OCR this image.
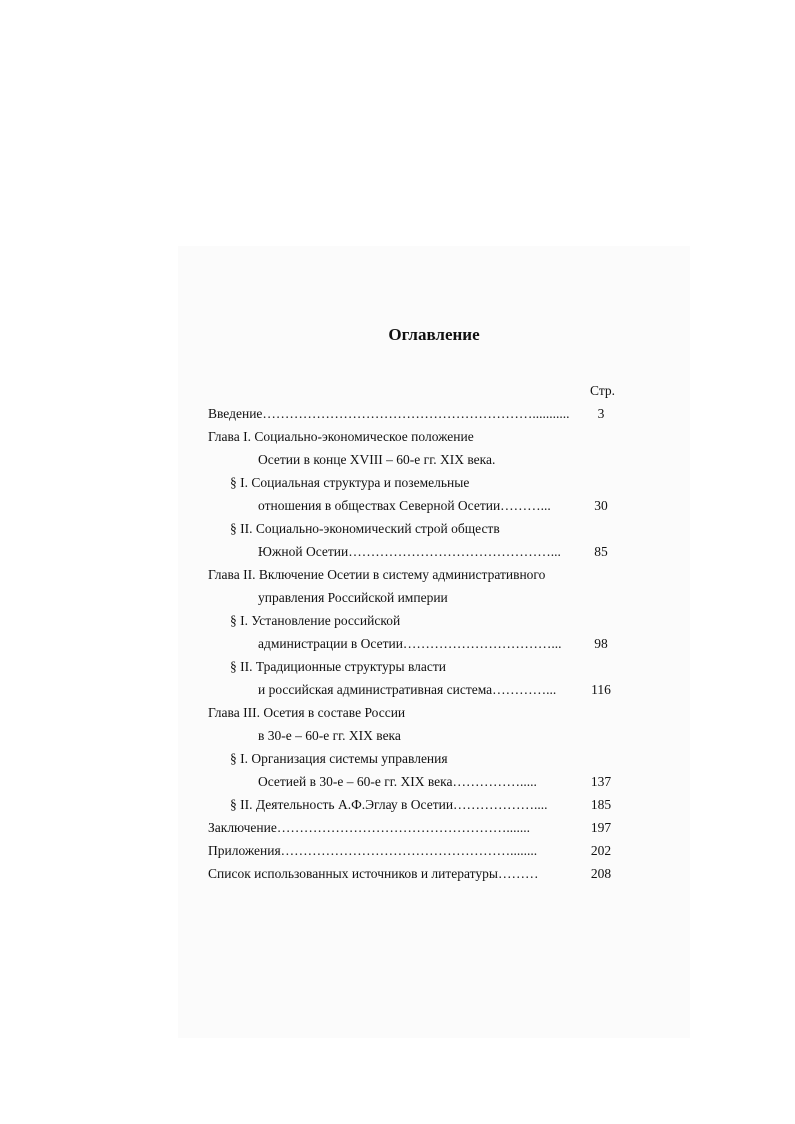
Оглавление
Стр.
Введение……………………………………………………...........	3
Глава I. Социально-экономическое положение
Осетии в конце XVIII – 60-е гг. XIX века.
§ I. Социальная структура и поземельные
отношения в обществах Северной Осетии………...	30
§ II. Социально-экономический строй обществ
Южной Осетии………………………………………...	85
Глава II. Включение Осетии в систему административного
управления Российской империи
§ I. Установление российской
администрации в Осетии……………………………...	98
§ II. Традиционные структуры власти
и российская административная система…………...	116
Глава III. Осетия в составе России
в 30-е – 60-е гг. XIX века
§ I. Организация системы управления
Осетией в 30-е – 60-е гг. XIX века…………….....	137
§ II. Деятельность А.Ф.Эглау в Осетии………………....	185
Заключение…………………………………………….......	197
Приложения……………………………………………........	202
Список использованных источников и литературы………	208
